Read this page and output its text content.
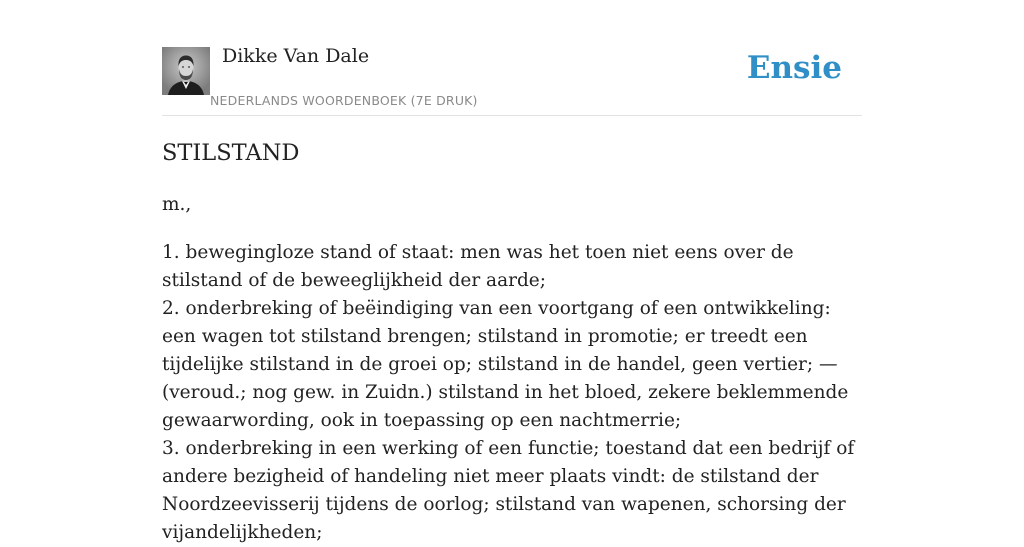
Dikke Van Dale
NEDERLANDS WOORDENBOEK (7E DRUK)
Ensie
STILSTAND

m.,

1. bewegingloze stand of staat: men was het toen niet eens over de stilstand of de beweeglijkheid der aarde;
2. onderbreking of beëindiging van een voortgang of een ontwikkeling: een wagen tot stilstand brengen; stilstand in promotie; er treedt een tijdelijke stilstand in de groei op; stilstand in de handel, geen vertier; — (veroud.; nog gew. in Zuidn.) stilstand in het bloed, zekere beklemmende gewaarwording, ook in toepassing op een nachtmerrie;
3. onderbreking in een werking of een functie; toestand dat een bedrijf of andere bezigheid of handeling niet meer plaats vindt: de stilstand der Noordzeevisserij tijdens de oorlog; stilstand van wapenen, schorsing der vijandelijkheden;
